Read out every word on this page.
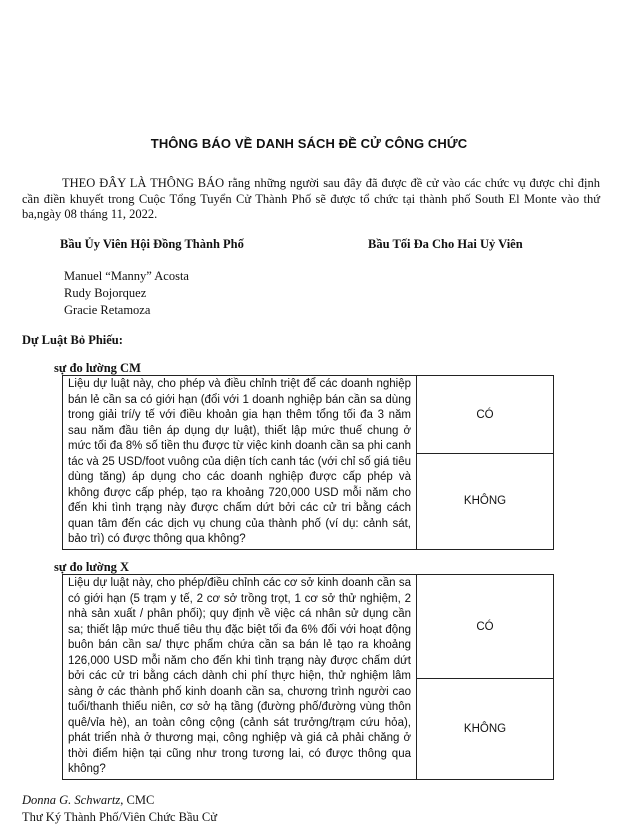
THÔNG BÁO VỀ DANH SÁCH ĐỀ CỬ CÔNG CHỨC
THEO ĐÂY LÀ THÔNG BÁO rằng những người sau đây đã được đề cử vào các chức vụ được chỉ định cần điền khuyết trong Cuộc Tổng Tuyển Cử Thành Phố sẽ được tổ chức tại thành phố South El Monte vào thứ ba,ngày 08 tháng 11, 2022.
Bầu Ủy Viên Hội Đồng Thành Phố	Bầu Tối Đa Cho Hai Uỷ Viên
Manuel “Manny” Acosta
Rudy Bojorquez
Gracie Retamoza
Dự Luật Bỏ Phiếu:
sự đo lường CM
Liệu dự luật này, cho phép và điều chỉnh triệt để các doanh nghiệp bán lẻ cần sa có giới hạn (đổi với 1 doanh nghiệp bán cần sa dùng trong giải trí/y tế với điều khoản gia hạn thêm tổng tối đa 3 năm sau năm đầu tiên áp dụng dự luật), thiết lập mức thuế chung ở mức tối đa 8% số tiền thu được từ việc kinh doanh cần sa phi canh tác và 25 USD/foot vuông của diện tích canh tác (với chỉ số giá tiêu dùng tăng) áp dụng cho các doanh nghiệp được cấp phép và không được cấp phép, tạo ra khoảng 720,000 USD mỗi năm cho đến khi tình trạng này được chấm dứt bởi các cử tri bằng cách quan tâm đến các dịch vụ chung của thành phố (ví dụ: cảnh sát, bảo trì) có được thông qua không?	CÓ
KHÔNG
sự đo lường X
Liệu dự luật này, cho phép/điều chỉnh các cơ sở kinh doanh cần sa có giới hạn (5 trạm y tế, 2 cơ sở trồng trọt, 1 cơ sở thử nghiệm, 2 nhà sản xuất / phân phối); quy định về việc cá nhân sử dụng cần sa; thiết lập mức thuế tiêu thụ đặc biệt tối đa 6% đối với hoạt động buôn bán cần sa/ thực phẩm chứa cần sa bán lẻ tạo ra khoảng 126,000 USD mỗi năm cho đến khi tình trạng này được chấm dứt bởi các cử tri bằng cách dành chi phí thực hiện, thử nghiệm lâm sàng ở các thành phố kinh doanh cần sa, chương trình người cao tuổi/thanh thiếu niên, cơ sở hạ tầng (đường phố/đường vùng thôn quê/vỉa hè), an toàn công cộng (cảnh sát trưởng/trạm cứu hỏa), phát triển nhà ở thương mại, công nghiệp và giá cả phải chăng ở thời điểm hiện tại cũng như trong tương lai, có được thông qua không?	CÓ
KHÔNG
Donna G. Schwartz, CMC
Thư Ký Thành Phố/Viên Chức Bầu Cử
